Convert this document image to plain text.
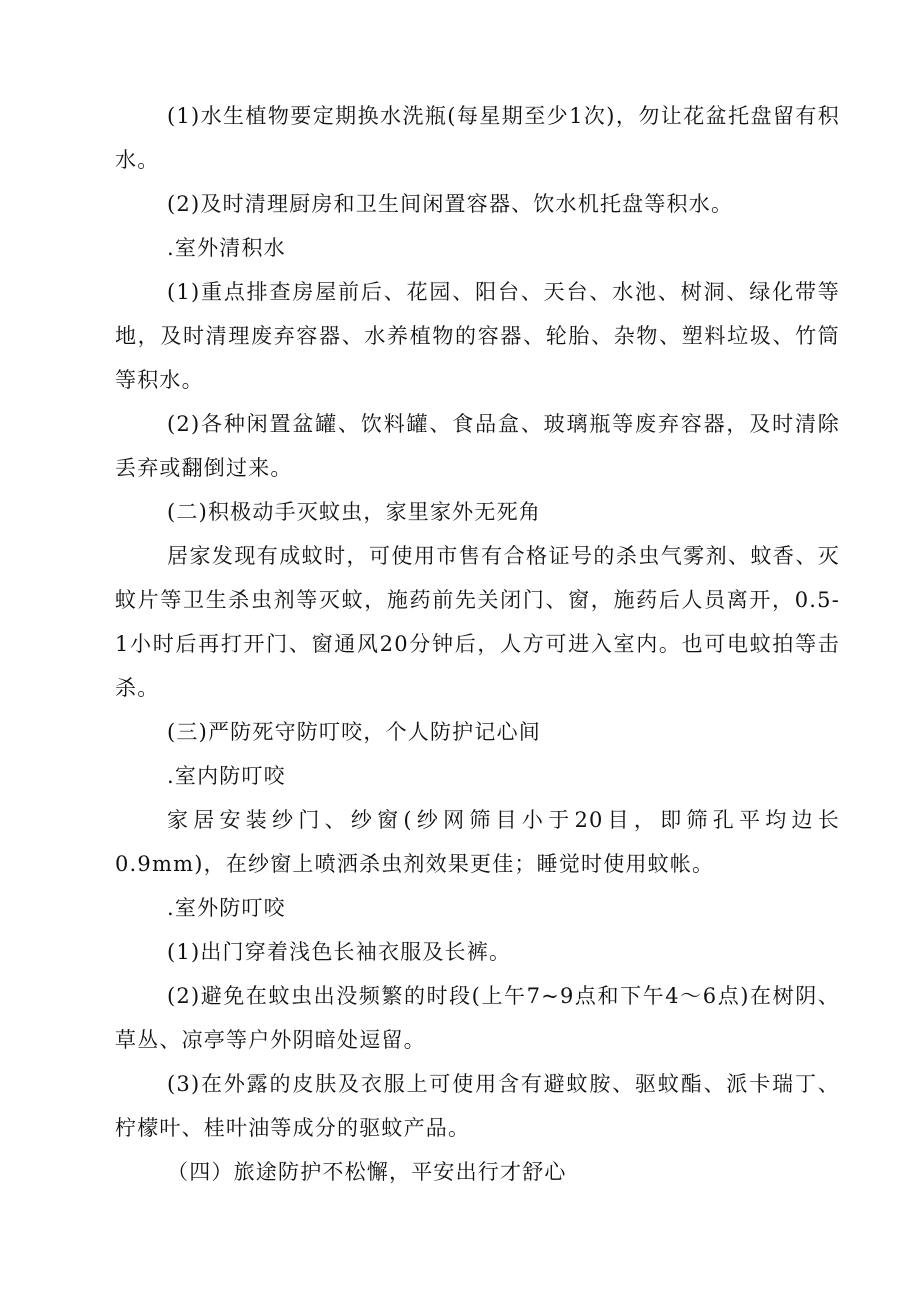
(1)水生植物要定期换水洗瓶(每星期至少1次)，勿让花盆托盘留有积水。

(2)及时清理厨房和卫生间闲置容器、饮水机托盘等积水。

.室外清积水

(1)重点排查房屋前后、花园、阳台、天台、水池、树洞、绿化带等地，及时清理废弃容器、水养植物的容器、轮胎、杂物、塑料垃圾、竹筒等积水。

(2)各种闲置盆罐、饮料罐、食品盒、玻璃瓶等废弃容器，及时清除丢弃或翻倒过来。

(二)积极动手灭蚊虫，家里家外无死角

居家发现有成蚊时，可使用市售有合格证号的杀虫气雾剂、蚊香、灭蚊片等卫生杀虫剂等灭蚊，施药前先关闭门、窗，施药后人员离开，0.5-1小时后再打开门、窗通风20分钟后，人方可进入室内。也可电蚊拍等击杀。

(三)严防死守防叮咬，个人防护记心间

.室内防叮咬

家居安装纱门、纱窗(纱网筛目小于20目，即筛孔平均边长0.9mm)，在纱窗上喷洒杀虫剂效果更佳；睡觉时使用蚊帐。

.室外防叮咬

(1)出门穿着浅色长袖衣服及长裤。

(2)避免在蚊虫出没频繁的时段(上午7~9点和下午4〜6点)在树阴、草丛、凉亭等户外阴暗处逗留。

(3)在外露的皮肤及衣服上可使用含有避蚊胺、驱蚊酯、派卡瑞丁、柠檬叶、桂叶油等成分的驱蚊产品。

（四）旅途防护不松懈，平安出行才舒心
